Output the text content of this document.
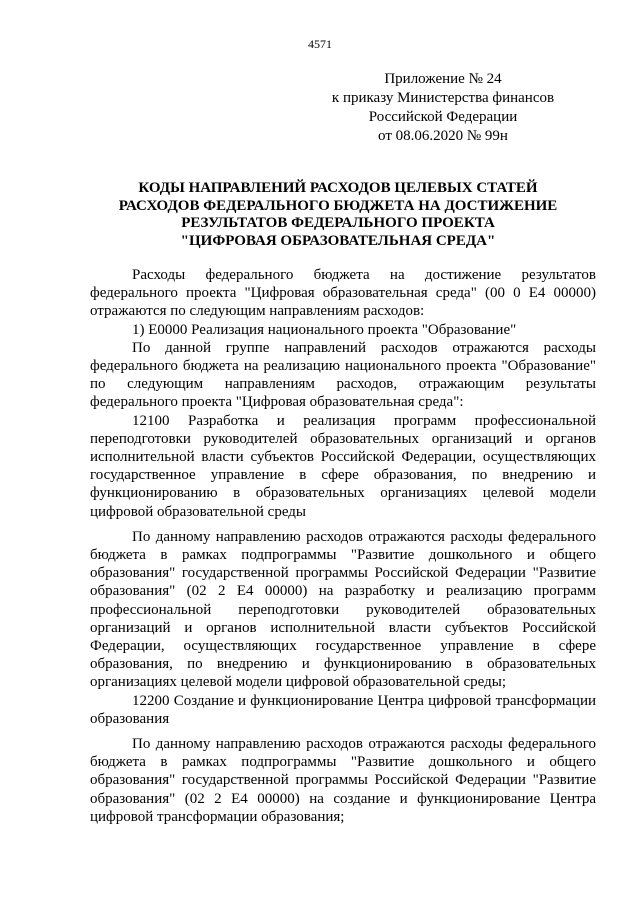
4571
Приложение № 24
к приказу Министерства финансов
Российской Федерации
от 08.06.2020 № 99н
КОДЫ НАПРАВЛЕНИЙ РАСХОДОВ ЦЕЛЕВЫХ СТАТЕЙ
РАСХОДОВ ФЕДЕРАЛЬНОГО БЮДЖЕТА НА ДОСТИЖЕНИЕ
РЕЗУЛЬТАТОВ ФЕДЕРАЛЬНОГО ПРОЕКТА
"ЦИФРОВАЯ ОБРАЗОВАТЕЛЬНАЯ СРЕДА"

Расходы федерального бюджета на достижение результатов федерального проекта "Цифровая образовательная среда" (00 0 Е4 00000) отражаются по следующим направлениям расходов:

1) Е0000 Реализация национального проекта "Образование"

По данной группе направлений расходов отражаются расходы федерального бюджета на реализацию национального проекта "Образование" по следующим направлениям расходов, отражающим результаты федерального проекта "Цифровая образовательная среда":

12100 Разработка и реализация программ профессиональной переподготовки руководителей образовательных организаций и органов исполнительной власти субъектов Российской Федерации, осуществляющих государственное управление в сфере образования, по внедрению и функционированию в образовательных организациях целевой модели цифровой образовательной среды

По данному направлению расходов отражаются расходы федерального бюджета в рамках подпрограммы "Развитие дошкольного и общего образования" государственной программы Российской Федерации "Развитие образования" (02 2 Е4 00000) на разработку и реализацию программ профессиональной переподготовки руководителей образовательных организаций и органов исполнительной власти субъектов Российской Федерации, осуществляющих государственное управление в сфере образования, по внедрению и функционированию в образовательных организациях целевой модели цифровой образовательной среды;

12200 Создание и функционирование Центра цифровой трансформации образования

По данному направлению расходов отражаются расходы федерального бюджета в рамках подпрограммы "Развитие дошкольного и общего образования" государственной программы Российской Федерации "Развитие образования" (02 2 Е4 00000) на создание и функционирование Центра цифровой трансформации образования;
